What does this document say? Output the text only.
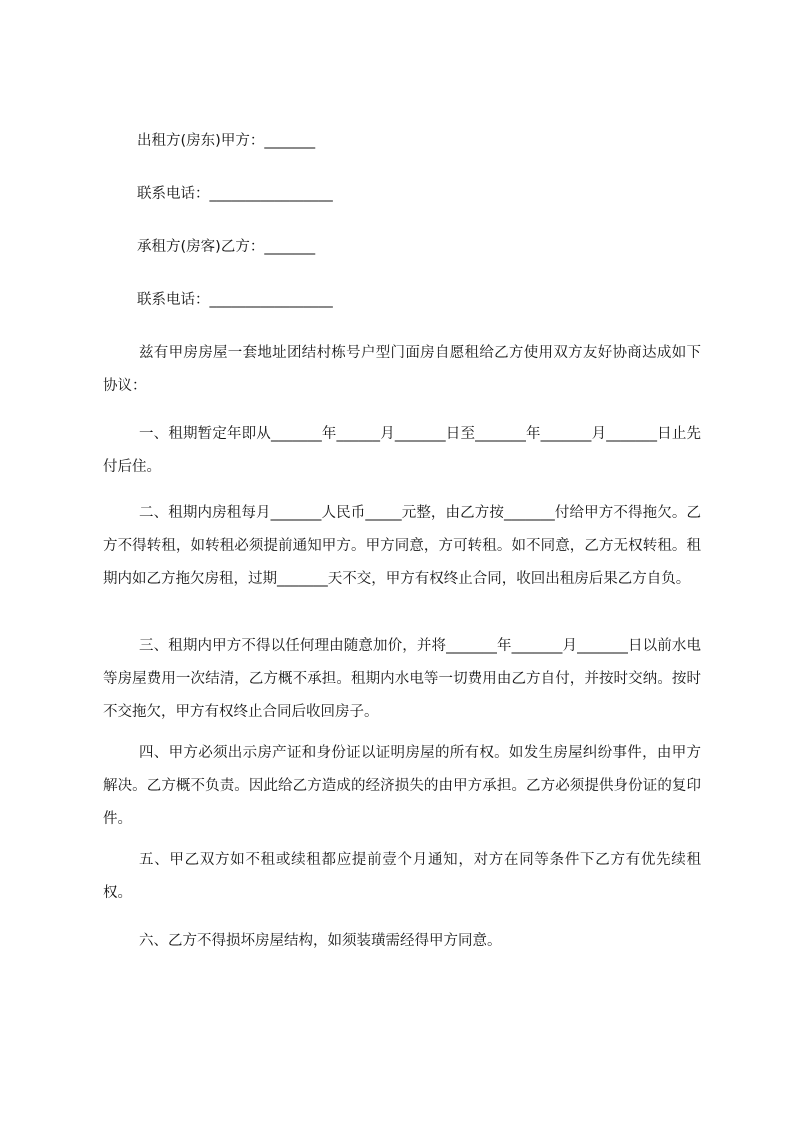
出租方(房东)甲方：_______
联系电话：_________________
承租方(房客)乙方：_______
联系电话：_________________

兹有甲房房屋一套地址团结村栋号户型门面房自愿租给乙方使用双方友好协商达成如下协议：

一、租期暂定年即从_______年______月_______日至_______年_______月_______日止先付后住。

二、租期内房租每月_______人民币_____元整，由乙方按_______付给甲方不得拖欠。乙方不得转租，如转租必须提前通知甲方。甲方同意，方可转租。如不同意，乙方无权转租。租期内如乙方拖欠房租，过期_______天不交，甲方有权终止合同，收回出租房后果乙方自负。

三、租期内甲方不得以任何理由随意加价，并将_______年_______月_______日以前水电等房屋费用一次结清，乙方概不承担。租期内水电等一切费用由乙方自付，并按时交纳。按时不交拖欠，甲方有权终止合同后收回房子。

四、甲方必须出示房产证和身份证以证明房屋的所有权。如发生房屋纠纷事件，由甲方解决。乙方概不负责。因此给乙方造成的经济损失的由甲方承担。乙方必须提供身份证的复印件。

五、甲乙双方如不租或续租都应提前壹个月通知，对方在同等条件下乙方有优先续租权。

六、乙方不得损坏房屋结构，如须装璜需经得甲方同意。
